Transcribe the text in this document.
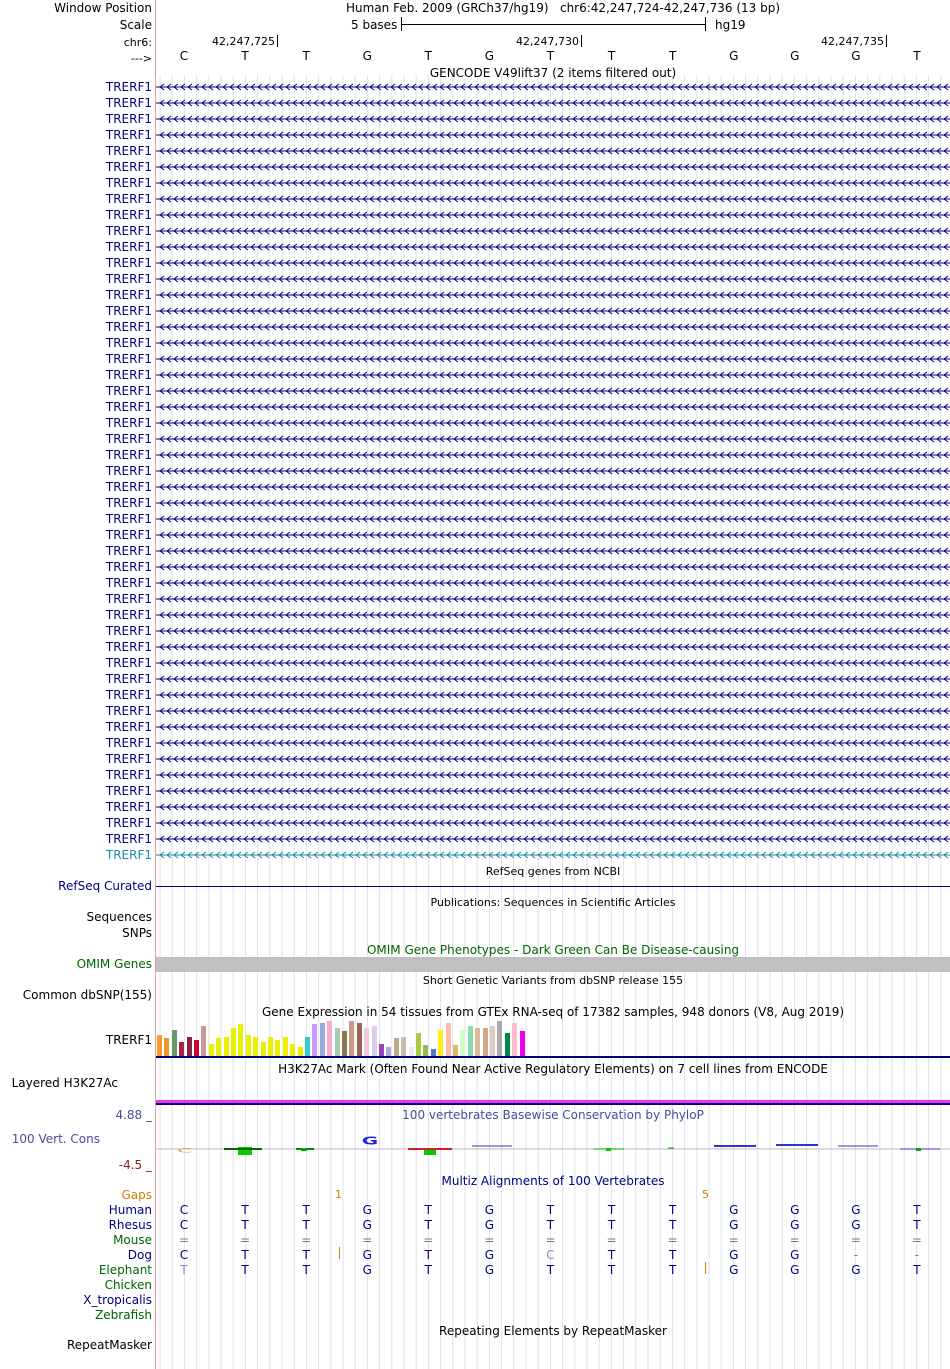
Window Position
Scale
chr6:
--->
Human Feb. 2009 (GRCh37/hg19) chr6:42,247,724-42,247,736 (13 bp)
5 bases	hg19
42,247,725	42,247,730	42,247,735
C	T	T	G	T	G	T	T	T	G	G	G	T
GENCODE V49lift37 (2 items filtered out)
TRERF1
TRERF1
TRERF1
TRERF1
TRERF1
TRERF1
TRERF1
TRERF1
TRERF1
TRERF1
TRERF1
TRERF1
TRERF1
TRERF1
TRERF1
TRERF1
TRERF1
TRERF1
TRERF1
TRERF1
TRERF1
TRERF1
TRERF1
TRERF1
TRERF1
TRERF1
TRERF1
TRERF1
TRERF1
TRERF1
TRERF1
TRERF1
TRERF1
TRERF1
TRERF1
TRERF1
TRERF1
TRERF1
TRERF1
TRERF1
TRERF1
TRERF1
TRERF1
TRERF1
TRERF1
TRERF1
TRERF1
TRERF1
TRERF1
RefSeq genes from NCBI
RefSeq Curated
Publications: Sequences in Scientific Articles
Sequences
SNPs
OMIM Gene Phenotypes - Dark Green Can Be Disease-causing
OMIM Genes
Short Genetic Variants from dbSNP release 155
Common dbSNP(155)
Gene Expression in 54 tissues from GTEx RNA-seq of 17382 samples, 948 donors (V8, Aug 2019)
TRERF1
H3K27Ac Mark (Often Found Near Active Regulatory Elements) on 7 cell lines from ENCODE
Layered H3K27Ac
4.88 _	100 vertebrates Basewise Conservation by PhyloP
100 Vert. Cons
-4.5 _
C
G
Multiz Alignments of 100 Vertebrates
Gaps	1	5
Human	C	T	T	G	T	G	T	T	T	G	G	G	T
Rhesus	C	T	T	G	T	G	T	T	T	G	G	G	T
Mouse	=	=	=	=	=	=	=	=	=	=	=	=	=
Dog	C	T	T	G	T	G	C	T	T	G	G	-	-
Elephant	T	T	T	G	T	G	T	T	T	G	G	G	T
Chicken
X_tropicalis
Zebrafish
Repeating Elements by RepeatMasker
RepeatMasker
